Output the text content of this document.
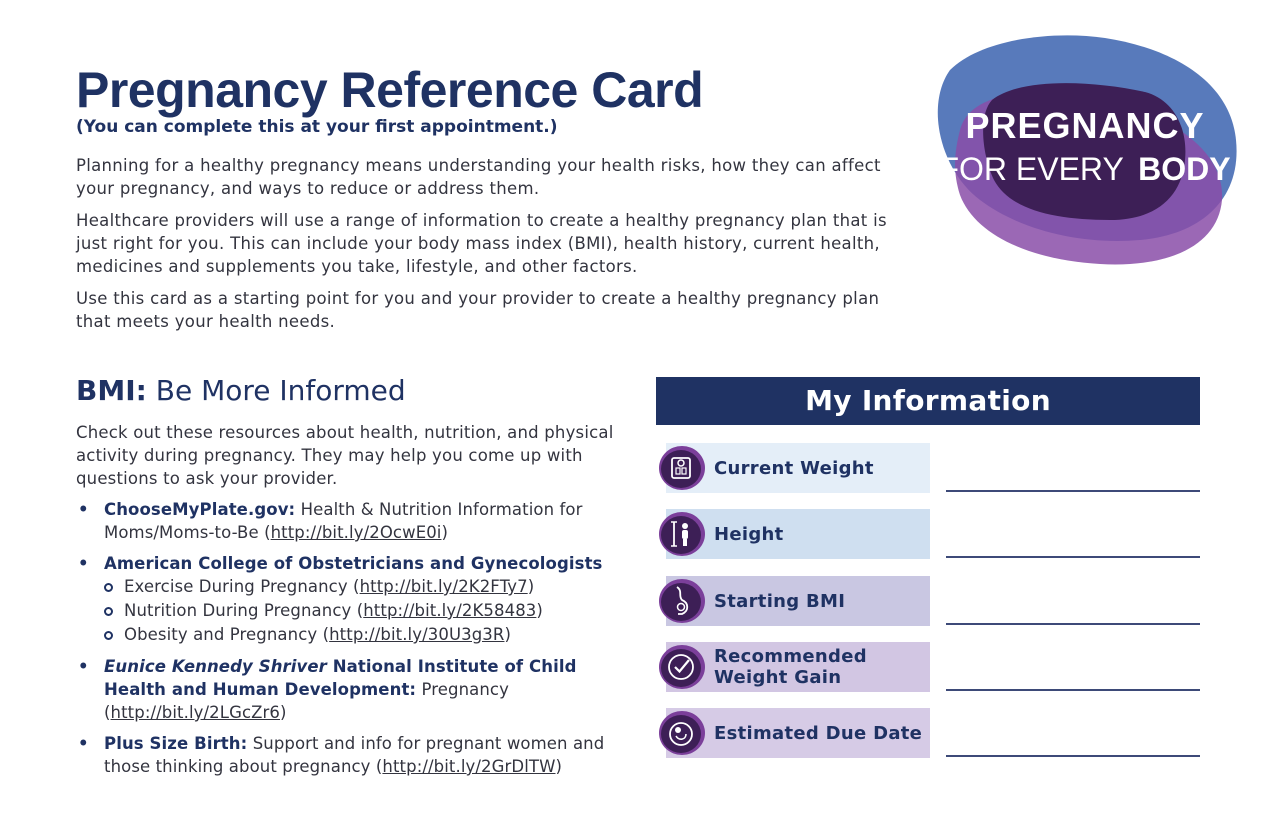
Pregnancy Reference Card
(You can complete this at your first appointment.)

Planning for a healthy pregnancy means understanding your health risks, how they can affect your pregnancy, and ways to reduce or address them.

Healthcare providers will use a range of information to create a healthy pregnancy plan that is just right for you. This can include your body mass index (BMI), health history, current health, medicines and supplements you take, lifestyle, and other factors.

Use this card as a starting point for you and your provider to create a healthy pregnancy plan that meets your health needs.

PREGNANCY
FOR EVERY BODY
BMI: Be More Informed
Check out these resources about health, nutrition, and physical activity during pregnancy. They may help you come up with questions to ask your provider.
• ChooseMyPlate.gov: Health & Nutrition Information for Moms/Moms-to-Be (http://bit.ly/2OcwE0i)
• American College of Obstetricians and Gynecologists
Exercise During Pregnancy (http://bit.ly/2K2FTy7)
Nutrition During Pregnancy (http://bit.ly/2K58483)
Obesity and Pregnancy (http://bit.ly/30U3g3R)
• Eunice Kennedy Shriver National Institute of Child Health and Human Development: Pregnancy (http://bit.ly/2LGcZr6)
• Plus Size Birth: Support and info for pregnant women and those thinking about pregnancy (http://bit.ly/2GrDlTW)
My Information
Current Weight
Height
Starting BMI
Recommended Weight Gain
Estimated Due Date
